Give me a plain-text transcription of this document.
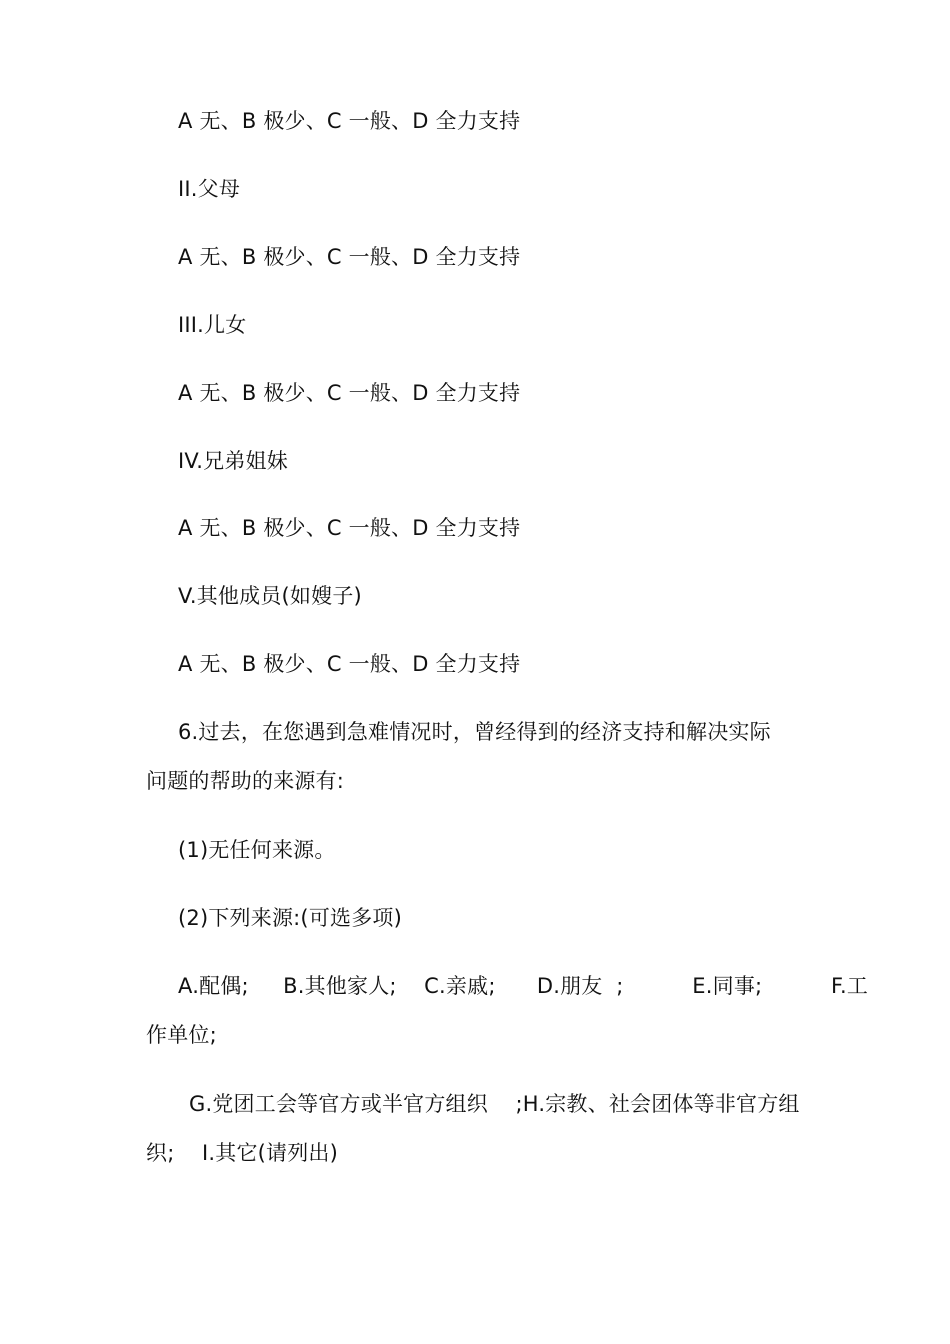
A 无、B 极少、C 一般、D 全力支持
II.父母
A 无、B 极少、C 一般、D 全力支持
III.儿女
A 无、B 极少、C 一般、D 全力支持
IV.兄弟姐妹
A 无、B 极少、C 一般、D 全力支持
V.其他成员(如嫂子)
A 无、B 极少、C 一般、D 全力支持
6.过去，在您遇到急难情况时，曾经得到的经济支持和解决实际
问题的帮助的来源有:
(1)无任何来源。
(2)下列来源:(可选多项)
A.配偶;     B.其他家人;    C.亲戚;      D.朋友  ;          E.同事;          F.工
作单位;
G.党团工会等官方或半官方组织    ;H.宗教、社会团体等非官方组
织;    I.其它(请列出)
